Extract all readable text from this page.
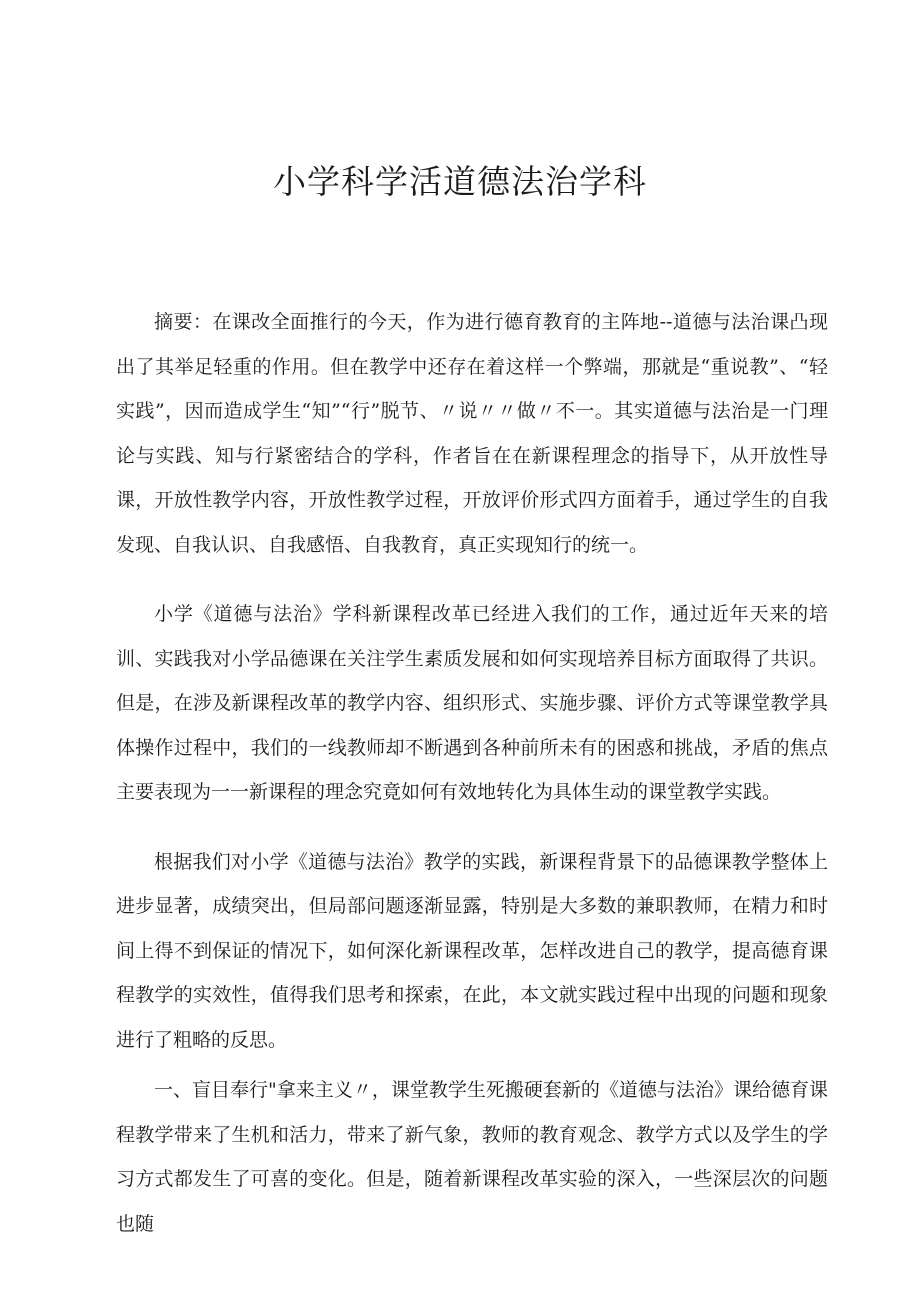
小学科学活道德法治学科

摘要：在课改全面推行的今天，作为进行德育教育的主阵地--道德与法治课凸现出了其举足轻重的作用。但在教学中还存在着这样一个弊端，那就是“重说教”、“轻实践”，因而造成学生“知”“行”脱节、〃说〃〃做〃不一。其实道德与法治是一门理论与实践、知与行紧密结合的学科，作者旨在在新课程理念的指导下，从开放性导课，开放性教学内容，开放性教学过程，开放评价形式四方面着手，通过学生的自我发现、自我认识、自我感悟、自我教育，真正实现知行的统一。

小学《道德与法治》学科新课程改革已经进入我们的工作，通过近年天来的培训、实践我对小学品德课在关注学生素质发展和如何实现培养目标方面取得了共识。但是，在涉及新课程改革的教学内容、组织形式、实施步骤、评价方式等课堂教学具体操作过程中，我们的一线教师却不断遇到各种前所未有的困惑和挑战，矛盾的焦点主要表现为一一新课程的理念究竟如何有效地转化为具体生动的课堂教学实践。

根据我们对小学《道德与法治》教学的实践，新课程背景下的品德课教学整体上进步显著，成绩突出，但局部问题逐渐显露，特别是大多数的兼职教师，在精力和时间上得不到保证的情况下，如何深化新课程改革，怎样改进自己的教学，提高德育课程教学的实效性，值得我们思考和探索，在此，本文就实践过程中出现的问题和现象进行了粗略的反思。

一、盲目奉行"拿来主义〃，课堂教学生死搬硬套新的《道德与法治》课给德育课程教学带来了生机和活力，带来了新气象，教师的教育观念、教学方式以及学生的学习方式都发生了可喜的变化。但是，随着新课程改革实验的深入，一些深层次的问题也随
